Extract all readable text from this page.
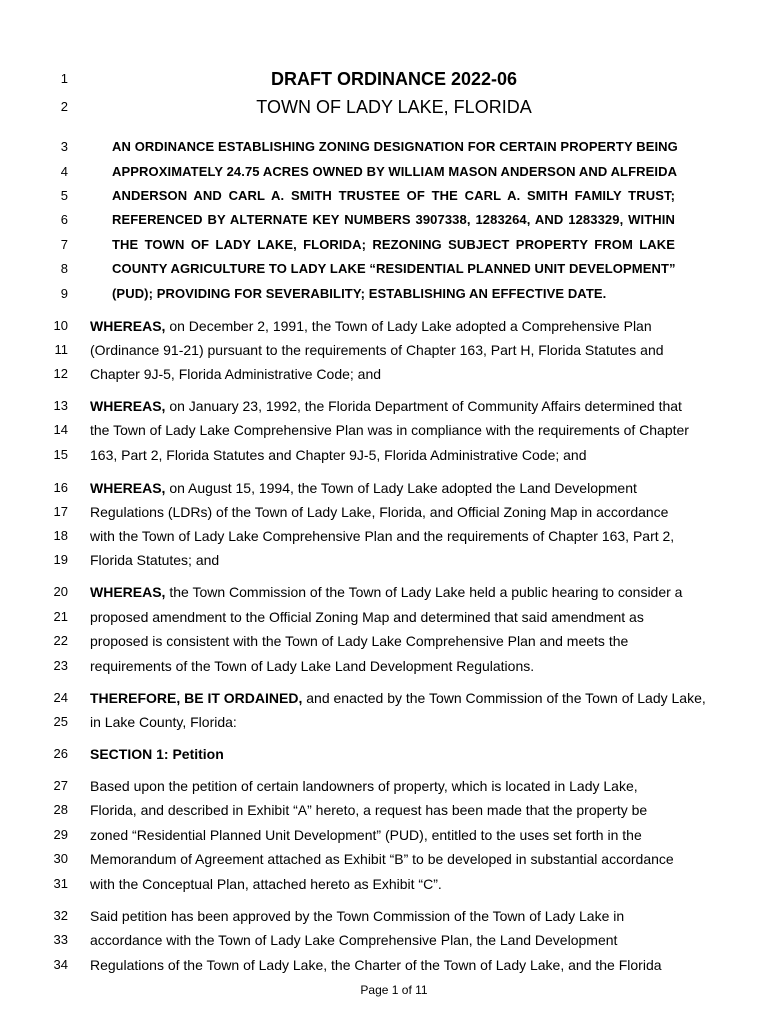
1	DRAFT ORDINANCE 2022-06
2	TOWN OF LADY LAKE, FLORIDA
3	AN ORDINANCE ESTABLISHING ZONING DESIGNATION FOR CERTAIN PROPERTY BEING
4	APPROXIMATELY 24.75 ACRES OWNED BY WILLIAM MASON ANDERSON AND ALFREIDA
5	ANDERSON AND CARL A. SMITH TRUSTEE OF THE CARL A. SMITH FAMILY TRUST;
6	REFERENCED BY ALTERNATE KEY NUMBERS 3907338, 1283264, AND 1283329, WITHIN
7	THE TOWN OF LADY LAKE, FLORIDA; REZONING SUBJECT PROPERTY FROM LAKE
8	COUNTY AGRICULTURE TO LADY LAKE “RESIDENTIAL PLANNED UNIT DEVELOPMENT”
9	(PUD); PROVIDING FOR SEVERABILITY; ESTABLISHING AN EFFECTIVE DATE.
10 WHEREAS, on December 2, 1991, the Town of Lady Lake adopted a Comprehensive Plan
11 (Ordinance 91-21) pursuant to the requirements of Chapter 163, Part H, Florida Statutes and
12 Chapter 9J-5, Florida Administrative Code; and
13 WHEREAS, on January 23, 1992, the Florida Department of Community Affairs determined that
14 the Town of Lady Lake Comprehensive Plan was in compliance with the requirements of Chapter
15 163, Part 2, Florida Statutes and Chapter 9J-5, Florida Administrative Code; and
16 WHEREAS, on August 15, 1994, the Town of Lady Lake adopted the Land Development
17 Regulations (LDRs) of the Town of Lady Lake, Florida, and Official Zoning Map in accordance
18 with the Town of Lady Lake Comprehensive Plan and the requirements of Chapter 163, Part 2,
19 Florida Statutes; and
20 WHEREAS, the Town Commission of the Town of Lady Lake held a public hearing to consider a
21 proposed amendment to the Official Zoning Map and determined that said amendment as
22 proposed is consistent with the Town of Lady Lake Comprehensive Plan and meets the
23 requirements of the Town of Lady Lake Land Development Regulations.
24 THEREFORE, BE IT ORDAINED, and enacted by the Town Commission of the Town of Lady Lake,
25 in Lake County, Florida:
26 SECTION 1: Petition
27 Based upon the petition of certain landowners of property, which is located in Lady Lake,
28 Florida, and described in Exhibit “A” hereto, a request has been made that the property be
29 zoned “Residential Planned Unit Development” (PUD), entitled to the uses set forth in the
30 Memorandum of Agreement attached as Exhibit “B” to be developed in substantial accordance
31 with the Conceptual Plan, attached hereto as Exhibit “C”.
32 Said petition has been approved by the Town Commission of the Town of Lady Lake in
33 accordance with the Town of Lady Lake Comprehensive Plan, the Land Development
34 Regulations of the Town of Lady Lake, the Charter of the Town of Lady Lake, and the Florida
Page 1 of 11
